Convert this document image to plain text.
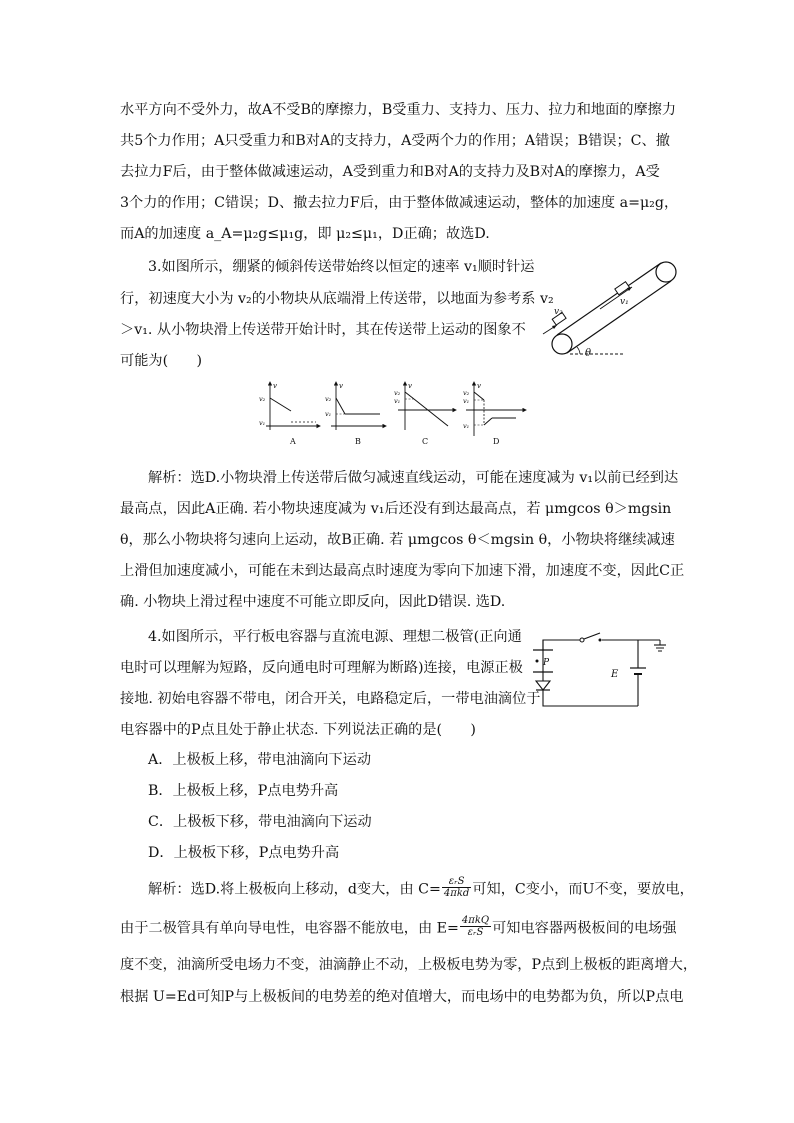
水平方向不受外力，故A不受B的摩擦力，B受重力、支持力、压力、拉力和地面的摩擦力
共5个力作用；A只受重力和B对A的支持力，A受两个力的作用；A错误；B错误；C、撤
去拉力F后，由于整体做减速运动，A受到重力和B对A的支持力及B对A的摩擦力，A受
3个力的作用；C错误；D、撤去拉力F后，由于整体做减速运动，整体的加速度 a=μ₂g，
而A的加速度 a_A=μ₂g≤μ₁g，即 μ₂≤μ₁，D正确；故选D.
3.如图所示，绷紧的倾斜传送带始终以恒定的速率 v₁顺时针运
行，初速度大小为 v₂的小物块从底端滑上传送带，以地面为参考系 v₂
＞v₁. 从小物块滑上传送带开始计时，其在传送带上运动的图象不
可能为(　　)	θ
v₁
v₂
v
v₂
v₁
A
v
v₂
v₁
B
v
v₂
v₁
C
v
v₂
v₁
v₁
D
解析：选D.小物块滑上传送带后做匀减速直线运动，可能在速度减为 v₁以前已经到达
最高点，因此A正确. 若小物块速度减为 v₁后还没有到达最高点，若 μmgcos θ＞mgsin
θ，那么小物块将匀速向上运动，故B正确. 若 μmgcos θ＜mgsin θ，小物块将继续减速
上滑但加速度减小，可能在未到达最高点时速度为零向下加速下滑，加速度不变，因此C正
确. 小物块上滑过程中速度不可能立即反向，因此D错误. 选D.
4.如图所示，平行板电容器与直流电源、理想二极管(正向通
电时可以理解为短路，反向通电时可理解为断路)连接，电源正极
接地. 初始电容器不带电，闭合开关，电路稳定后，一带电油滴位于
电容器中的P点且处于静止状态. 下列说法正确的是(　　)
E
P
A．上极板上移，带电油滴向下运动
B．上极板上移，P点电势升高
C．上极板下移，带电油滴向下运动
D．上极板下移，P点电势升高
解析：选D.将上极板向上移动，d变大，由 $C= \frac{\text{εᵣS}}{\text{4πkd}}$ 可知，C变小，而U不变，要放电，
由于二极管具有单向导电性，电容器不能放电，由 $E= \frac{\text{4πkQ}}{\text{εᵣS}}$ 可知电容器两极板间的电场强
度不变，油滴所受电场力不变，油滴静止不动，上极板电势为零，P点到上极板的距离增大，
根据 U=Ed可知P与上极板间的电势差的绝对值增大，而电场中的电势都为负，所以P点电
